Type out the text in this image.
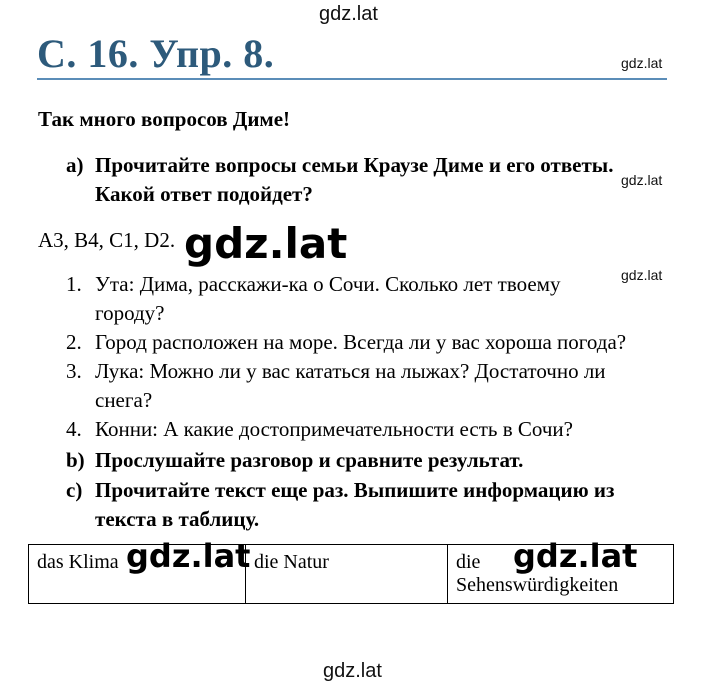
gdz.lat
gdz.lat
gdz.lat
gdz.lat
С. 16. Упр. 8.
Так много вопросов Диме!
a) Прочитайте вопросы семьи Краузе Диме и его ответы.
Какой ответ подойдет?
A3, B4, C1, D2. gdz.lat
1. Ута: Дима, расскажи-ка о Сочи. Сколько лет твоему
городу?
2. Город расположен на море. Всегда ли у вас хороша погода?
3. Лука: Можно ли у вас кататься на лыжах? Достаточно ли
снега?
4. Конни: А какие достопримечательности есть в Сочи?
b) Прослушайте разговор и сравните результат.
c) Прочитайте текст еще раз. Выпишите информацию из
текста в таблицу.
das Klima	die Natur	die
Sehenswürdigkeiten
gdz.lat	gdz.lat
gdz.lat
